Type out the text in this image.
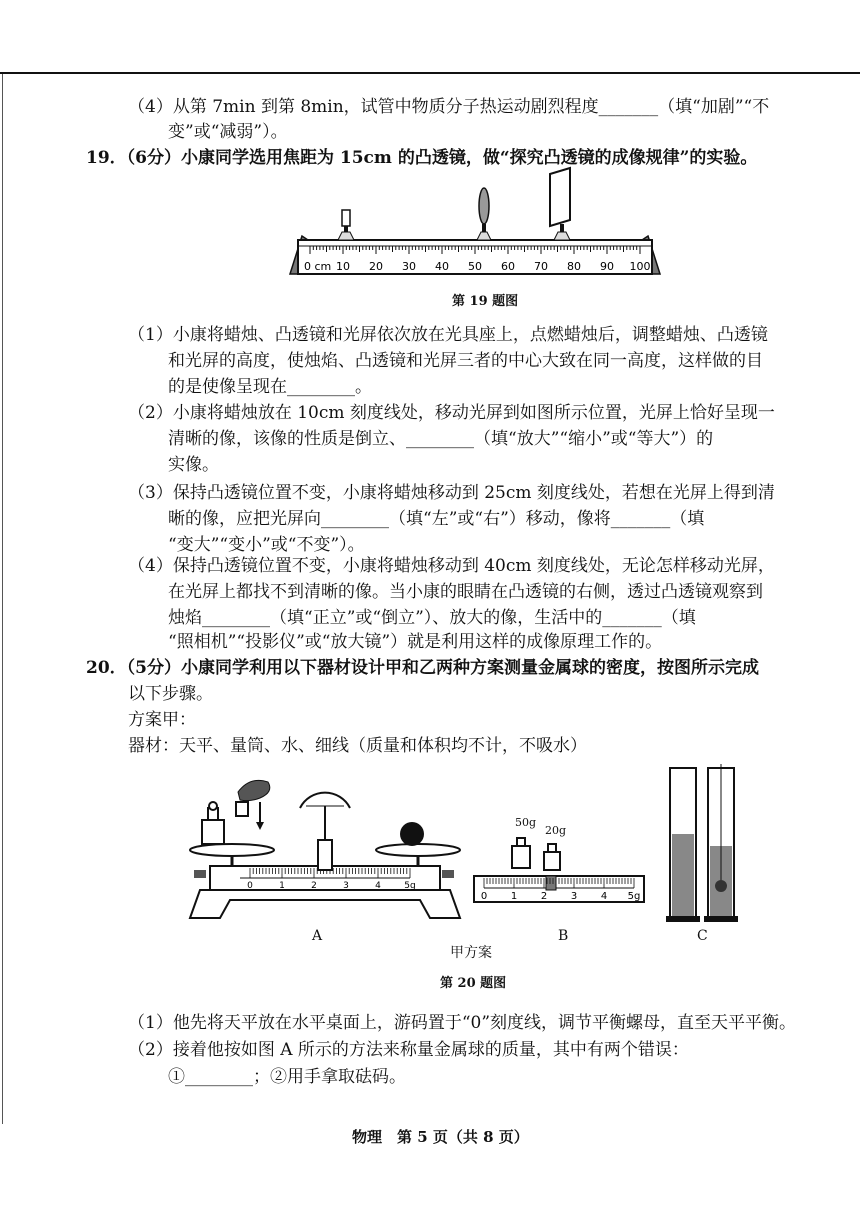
（4）从第 7min 到第 8min，试管中物质分子热运动剧烈程度_______（填“加剧”“不
变”或“减弱”）。
19．（6分）小康同学选用焦距为 15cm 的凸透镜，做“探究凸透镜的成像规律”的实验。
0 cm 10 20 30 40 50 60 70 80 90 100
第 19 题图
（1）小康将蜡烛、凸透镜和光屏依次放在光具座上，点燃蜡烛后，调整蜡烛、凸透镜
和光屏的高度，使烛焰、凸透镜和光屏三者的中心大致在同一高度，这样做的目
的是使像呈现在________。
（2）小康将蜡烛放在 10cm 刻度线处，移动光屏到如图所示位置，光屏上恰好呈现一
清晰的像，该像的性质是倒立、________（填“放大”“缩小”或“等大”）的
实像。
（3）保持凸透镜位置不变，小康将蜡烛移动到 25cm 刻度线处，若想在光屏上得到清
晰的像，应把光屏向________（填“左”或“右”）移动，像将_______（填
“变大”“变小”或“不变”）。
（4）保持凸透镜位置不变，小康将蜡烛移动到 40cm 刻度线处，无论怎样移动光屏，
在光屏上都找不到清晰的像。当小康的眼睛在凸透镜的右侧，透过凸透镜观察到
烛焰________（填“正立”或“倒立”）、放大的像，生活中的_______（填
“照相机”“投影仪”或“放大镜”）就是利用这样的成像原理工作的。
20．（5分）小康同学利用以下器材设计甲和乙两种方案测量金属球的密度，按图所示完成
以下步骤。
方案甲：
器材：天平、量筒、水、细线（质量和体积均不计，不吸水）
0	1	2	3	4	5g
A
0 1 2 3 4 5g
50g
20g
B	C
甲方案
第 20 题图
（1）他先将天平放在水平桌面上，游码置于“0”刻度线，调节平衡螺母，直至天平平衡。
（2）接着他按如图 A 所示的方法来称量金属球的质量，其中有两个错误：
①________；②用手拿取砝码。
物理　第 5 页（共 8 页）
